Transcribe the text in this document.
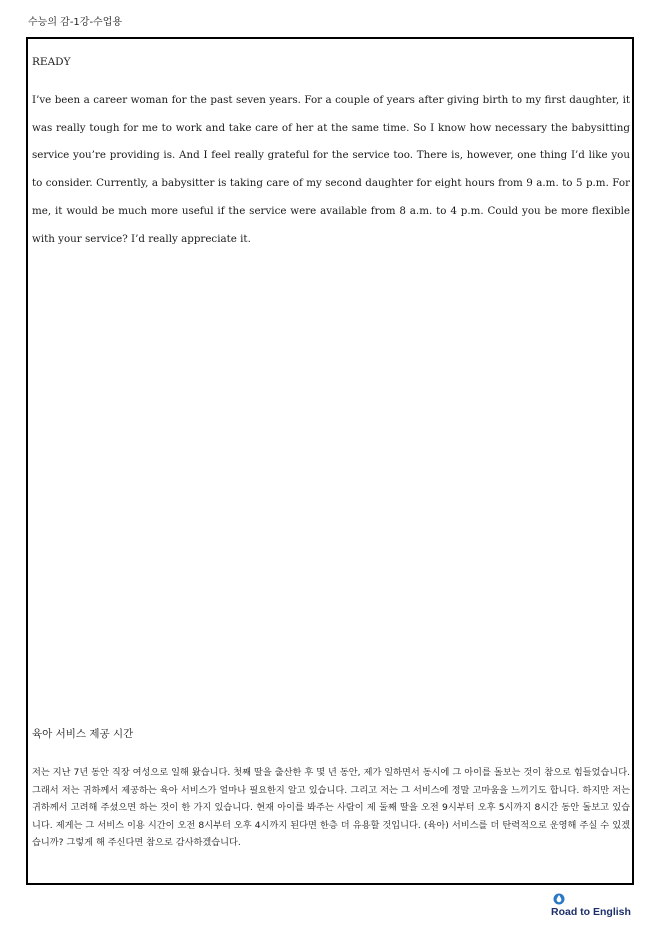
수능의 감-1강-수업용
READY

I’ve been a career woman for the past seven years. For a couple of years after giving birth to my first daughter, it was really tough for me to work and take care of her at the same time. So I know how necessary the babysitting service you’re providing is. And I feel really grateful for the service too. There is, however, one thing I’d like you to consider. Currently, a babysitter is taking care of my second daughter for eight hours from 9 a.m. to 5 p.m. For me, it would be much more useful if the service were available from 8 a.m. to 4 p.m. Could you be more flexible with your service? I’d really appreciate it.

육아 서비스 제공 시간

저는 지난 7년 동안 직장 여성으로 일해 왔습니다. 첫째 딸을 출산한 후 몇 년 동안, 제가 일하면서 동시에 그 아이를 돌보는 것이 참으로 힘들었습니다. 그래서 저는 귀하께서 제공하는 육아 서비스가 얼마나 필요한지 알고 있습니다. 그리고 저는 그 서비스에 정말 고마움을 느끼기도 합니다. 하지만 저는 귀하께서 고려해 주셨으면 하는 것이 한 가지 있습니다. 현재 아이를 봐주는 사람이 제 둘째 딸을 오전 9시부터 오후 5시까지 8시간 동안 돌보고 있습니다. 제게는 그 서비스 이용 시간이 오전 8시부터 오후 4시까지 된다면 한층 더 유용할 것입니다. (육아) 서비스를 더 탄력적으로 운영해 주실 수 있겠습니까? 그렇게 해 주신다면 참으로 감사하겠습니다.

Road to English
